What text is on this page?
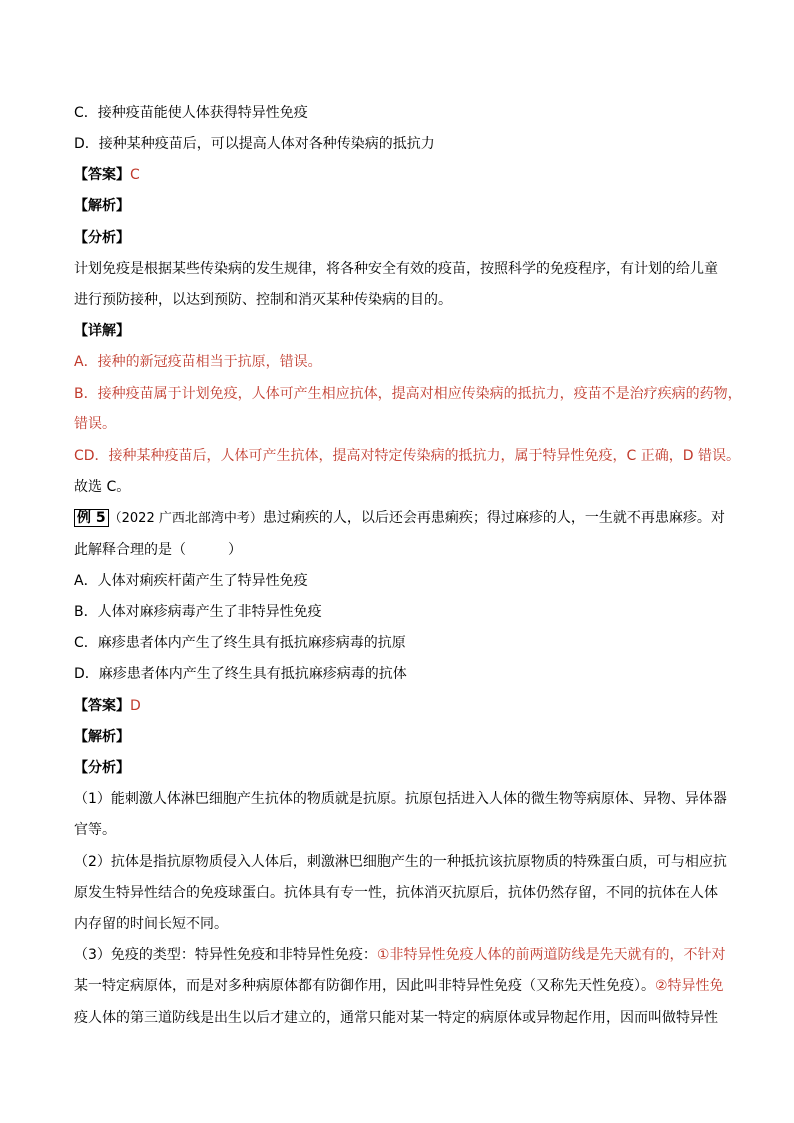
C．接种疫苗能使人体获得特异性免疫
D．接种某种疫苗后，可以提高人体对各种传染病的抵抗力
【答案】C
【解析】
【分析】
计划免疫是根据某些传染病的发生规律，将各种安全有效的疫苗，按照科学的免疫程序，有计划的给儿童
进行预防接种，以达到预防、控制和消灭某种传染病的目的。
【详解】
A．接种的新冠疫苗相当于抗原，错误。
B．接种疫苗属于计划免疫，人体可产生相应抗体，提高对相应传染病的抵抗力，疫苗不是治疗疾病的药物，
错误。
CD．接种某种疫苗后，人体可产生抗体，提高对特定传染病的抵抗力，属于特异性免疫，C 正确，D 错误。
故选 C。
例 5 （2022 广西北部湾中考）患过痢疾的人，以后还会再患痢疾；得过麻疹的人，一生就不再患麻疹。对
此解释合理的是（　　　）
A．人体对痢疾杆菌产生了特异性免疫
B．人体对麻疹病毒产生了非特异性免疫
C．麻疹患者体内产生了终生具有抵抗麻疹病毒的抗原
D．麻疹患者体内产生了终生具有抵抗麻疹病毒的抗体
【答案】D
【解析】
【分析】
（1）能刺激人体淋巴细胞产生抗体的物质就是抗原。抗原包括进入人体的微生物等病原体、异物、异体器
官等。
（2）抗体是指抗原物质侵入人体后，刺激淋巴细胞产生的一种抵抗该抗原物质的特殊蛋白质，可与相应抗
原发生特异性结合的免疫球蛋白。抗体具有专一性，抗体消灭抗原后，抗体仍然存留，不同的抗体在人体
内存留的时间长短不同。
（3）免疫的类型：特异性免疫和非特异性免疫：①非特异性免疫人体的前两道防线是先天就有的，不针对
某一特定病原体，而是对多种病原体都有防御作用，因此叫非特异性免疫（又称先天性免疫）。②特异性免
疫人体的第三道防线是出生以后才建立的，通常只能对某一特定的病原体或异物起作用，因而叫做特异性
